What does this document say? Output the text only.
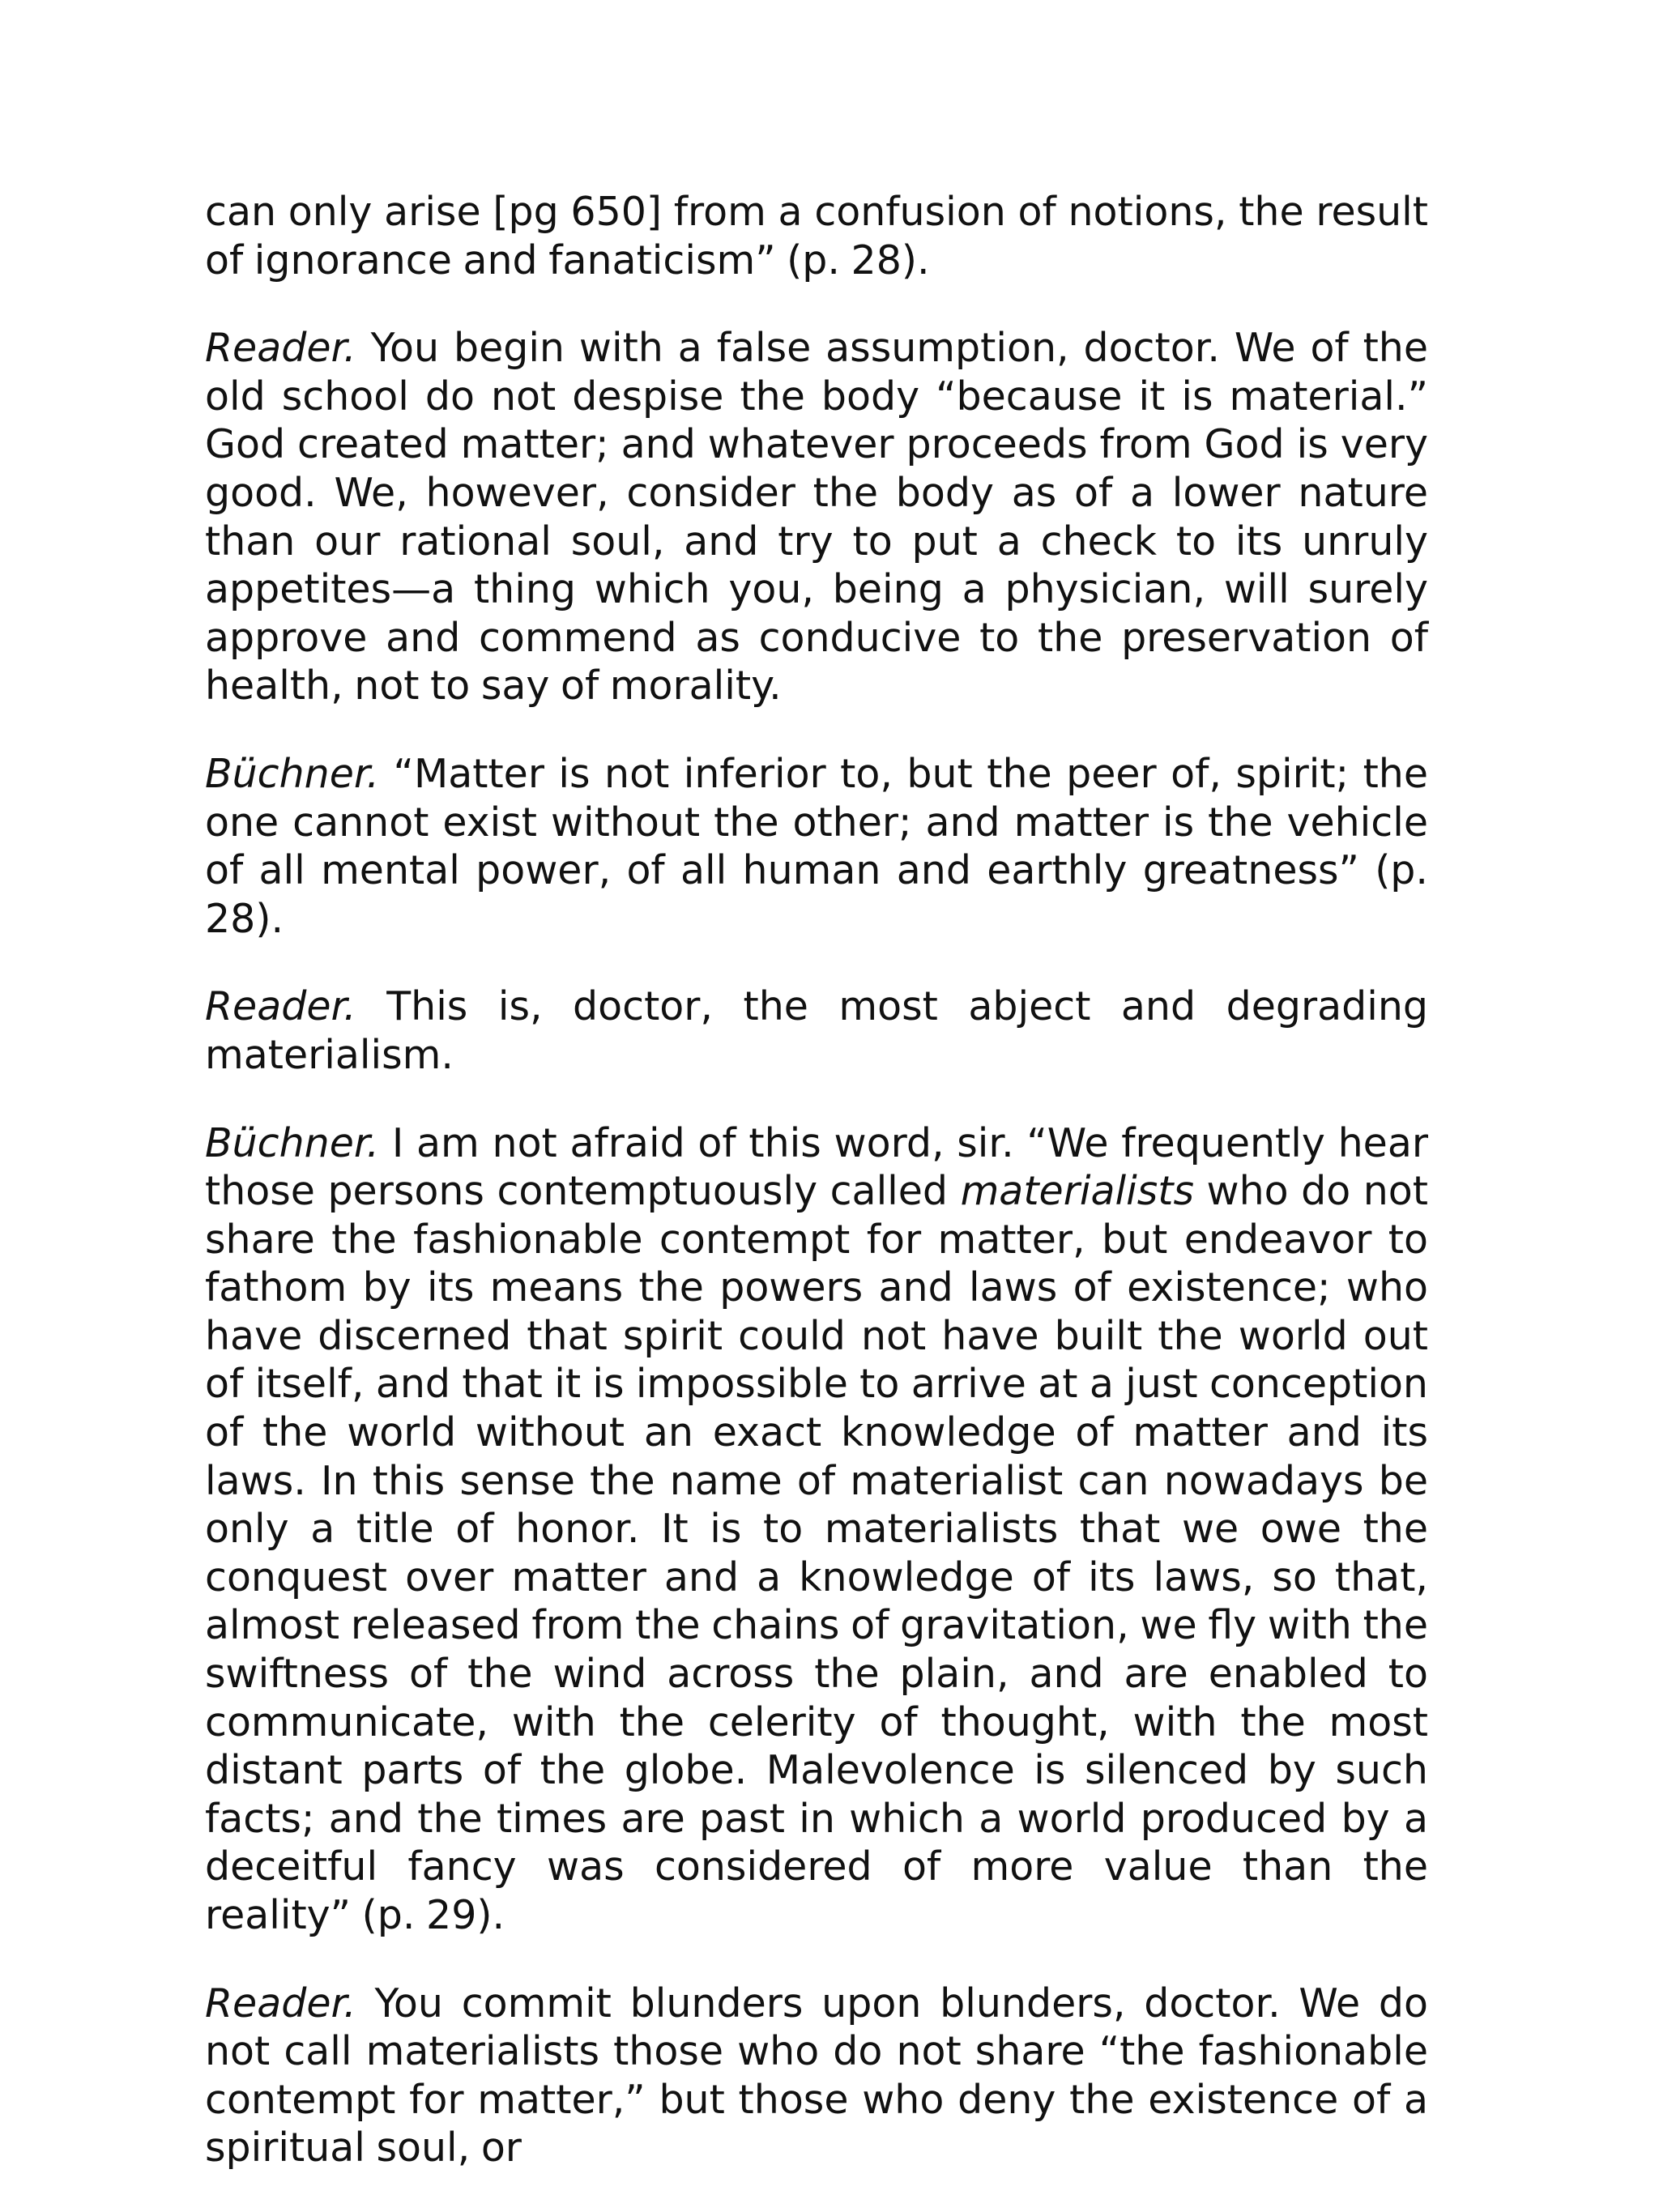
can only arise [pg 650] from a confusion of notions, the result of ignorance and fanaticism” (p. 28).

Reader. You begin with a false assumption, doctor. We of the old school do not despise the body “because it is material.” God created matter; and whatever proceeds from God is very good. We, however, consider the body as of a lower nature than our rational soul, and try to put a check to its unruly appetites—a thing which you, being a physician, will surely approve and commend as conducive to the preservation of health, not to say of morality.

Büchner. “Matter is not inferior to, but the peer of, spirit; the one cannot exist without the other; and matter is the vehicle of all mental power, of all human and earthly greatness” (p. 28).

Reader. This is, doctor, the most abject and degrading materialism.

Büchner. I am not afraid of this word, sir. “We frequently hear those persons contemptuously called materialists who do not share the fashionable contempt for matter, but endeavor to fathom by its means the powers and laws of existence; who have discerned that spirit could not have built the world out of itself, and that it is impossible to arrive at a just conception of the world without an exact knowledge of matter and its laws. In this sense the name of materialist can nowadays be only a title of honor. It is to materialists that we owe the conquest over matter and a knowledge of its laws, so that, almost released from the chains of gravitation, we fly with the swiftness of the wind across the plain, and are enabled to communicate, with the celerity of thought, with the most distant parts of the globe. Malevolence is silenced by such facts; and the times are past in which a world produced by a deceitful fancy was considered of more value than the reality” (p. 29).

Reader. You commit blunders upon blunders, doctor. We do not call materialists those who do not share “the fashionable contempt for matter,” but those who deny the existence of a spiritual soul, or
